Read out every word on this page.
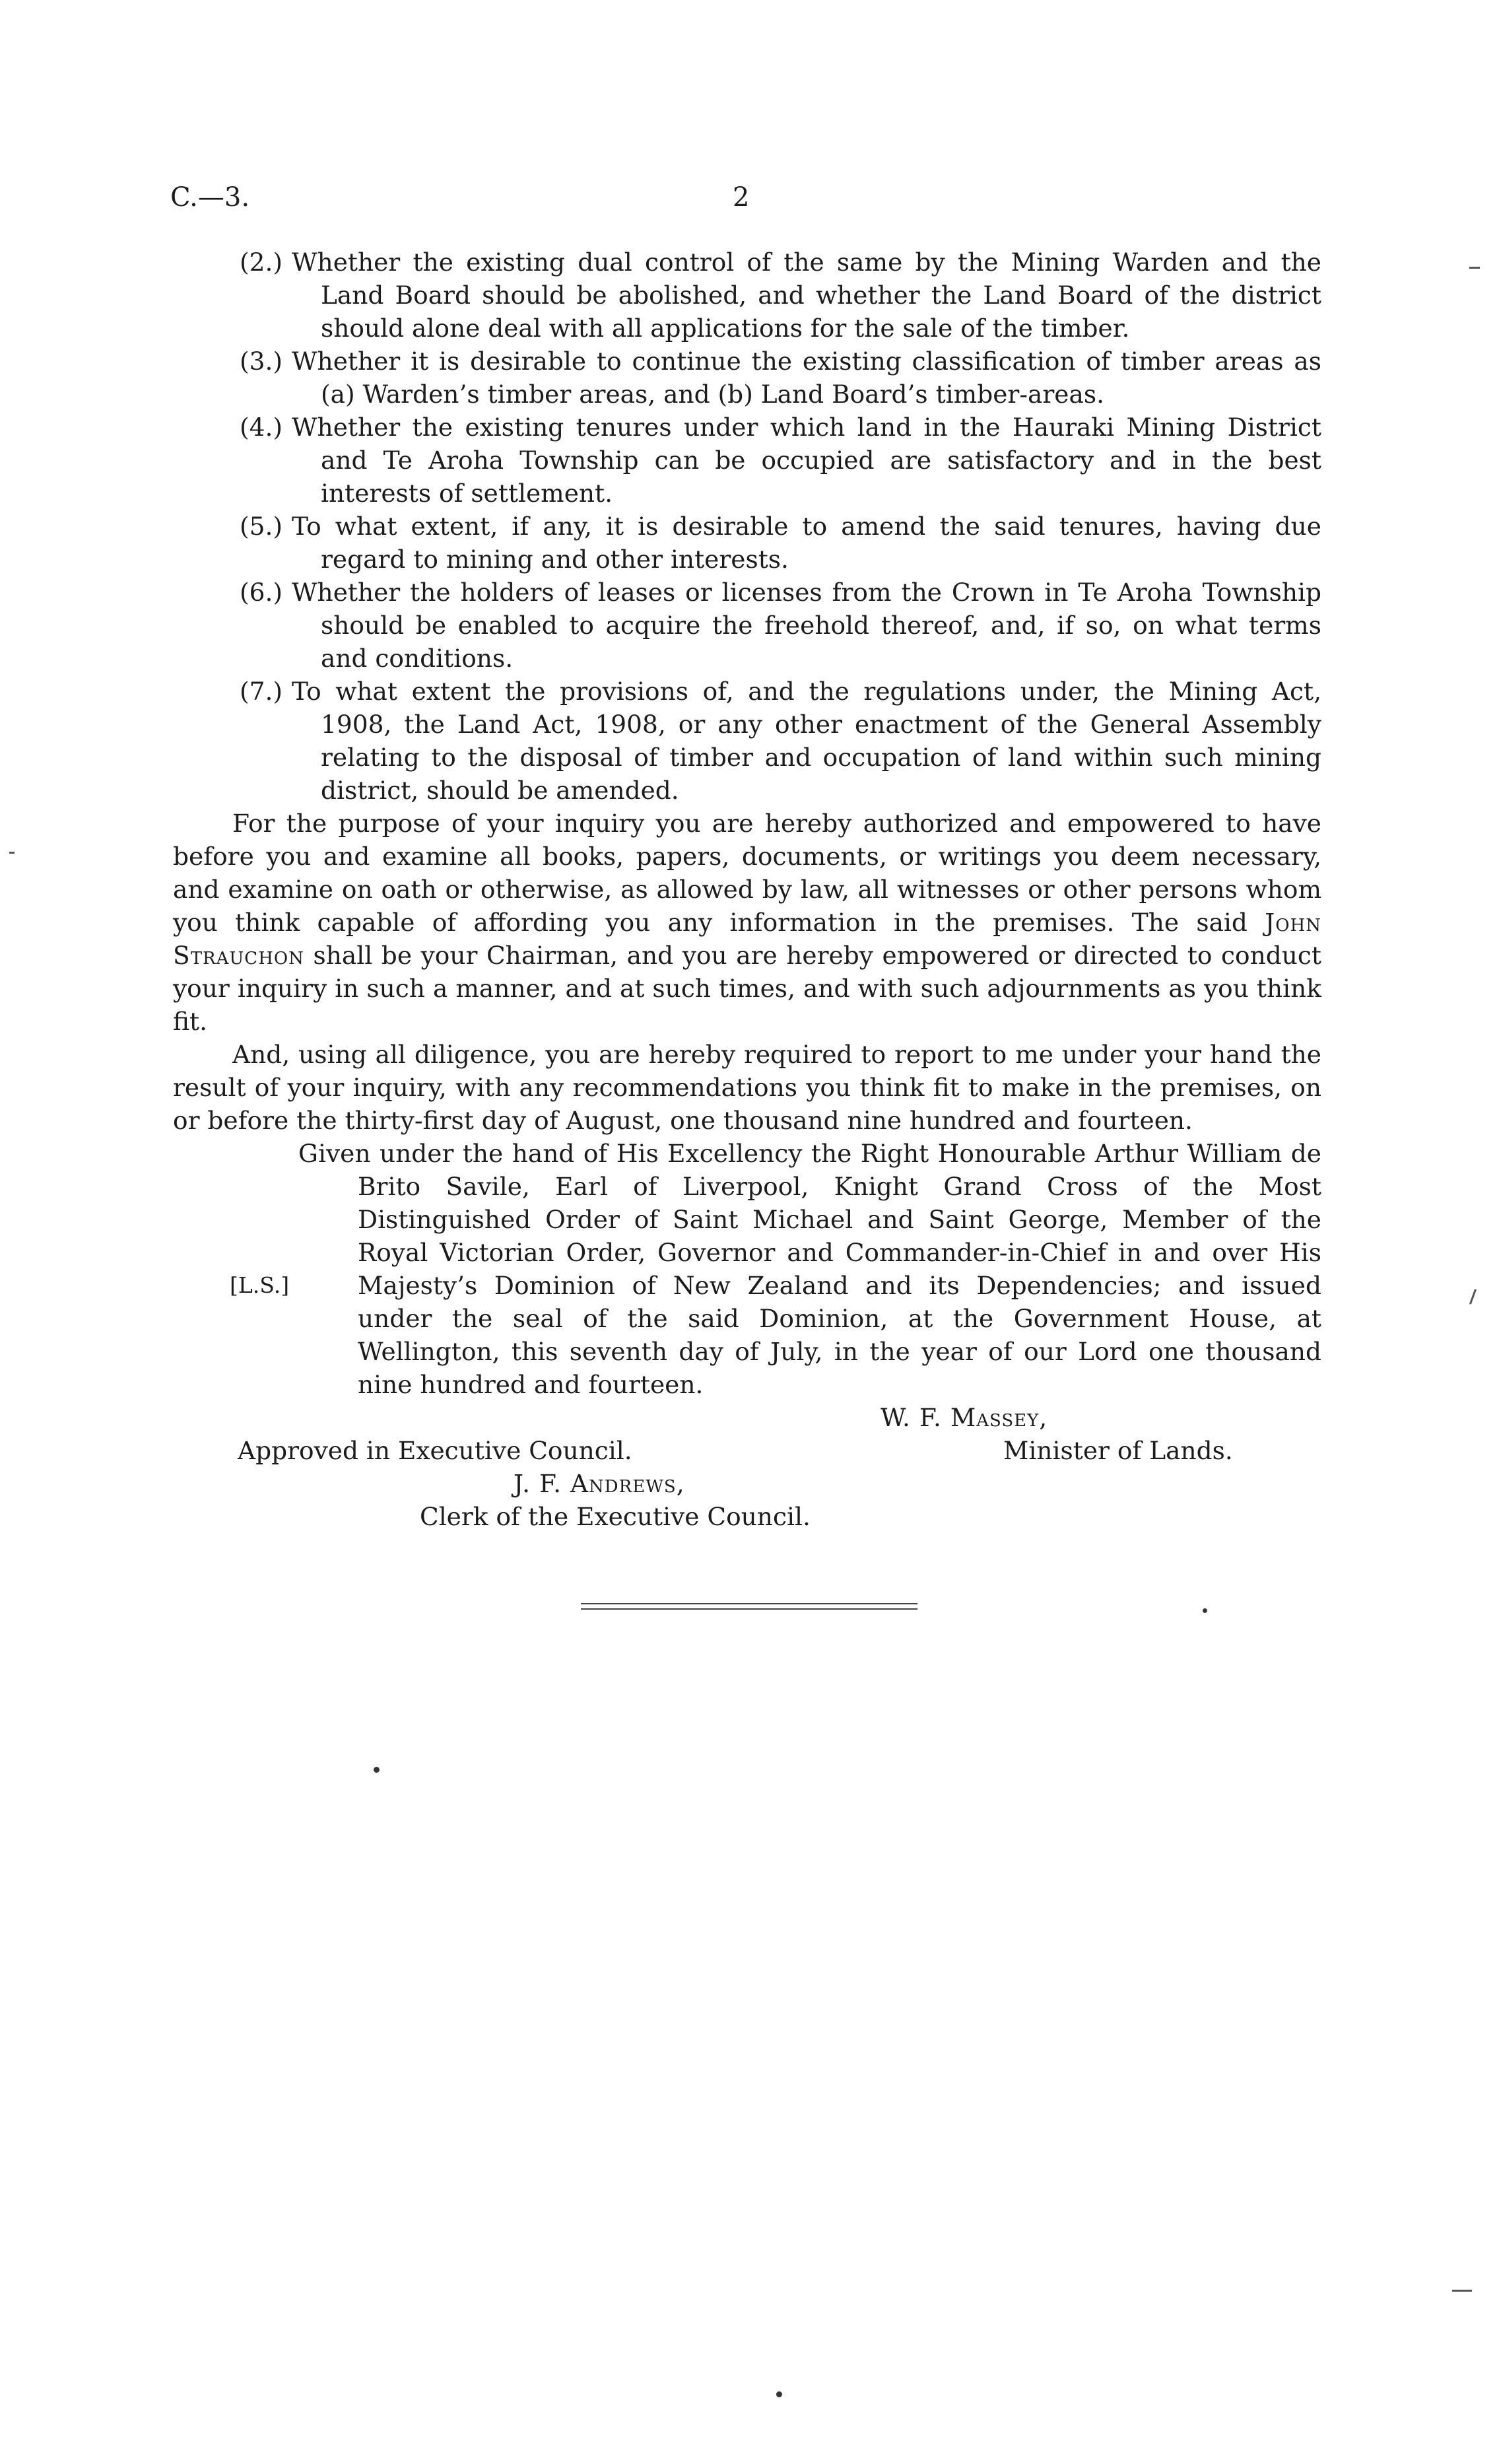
C.—3.	2
(2.) Whether the existing dual control of the same by the Mining Warden and the Land Board should be abolished, and whether the Land Board of the district should alone deal with all applications for the sale of the timber.
(3.) Whether it is desirable to continue the existing classification of timber areas as (a) Warden’s timber areas, and (b) Land Board’s timber-areas.
(4.) Whether the existing tenures under which land in the Hauraki Mining District and Te Aroha Township can be occupied are satisfactory and in the best interests of settlement.
(5.) To what extent, if any, it is desirable to amend the said tenures, having due regard to mining and other interests.
(6.) Whether the holders of leases or licenses from the Crown in Te Aroha Township should be enabled to acquire the freehold thereof, and, if so, on what terms and conditions.
(7.) To what extent the provisions of, and the regulations under, the Mining Act, 1908, the Land Act, 1908, or any other enactment of the General Assembly relating to the disposal of timber and occupation of land within such mining district, should be amended.

For the purpose of your inquiry you are hereby authorized and empowered to have before you and examine all books, papers, documents, or writings you deem necessary, and examine on oath or otherwise, as allowed by law, all witnesses or other persons whom you think capable of affording you any information in the premises. The said John Strauchon shall be your Chairman, and you are hereby empowered or directed to conduct your inquiry in such a manner, and at such times, and with such adjournments as you think fit.

And, using all diligence, you are hereby required to report to me under your hand the result of your inquiry, with any recommendations you think fit to make in the premises, on or before the thirty-first day of August, one thousand nine hundred and fourteen.

[L.S.]
Given under the hand of His Excellency the Right Honourable Arthur William de Brito Savile, Earl of Liverpool, Knight Grand Cross of the Most Distinguished Order of Saint Michael and Saint George, Member of the Royal Victorian Order, Governor and Commander-in-Chief in and over His Majesty’s Dominion of New Zealand and its Dependencies; and issued under the seal of the said Dominion, at the Government House, at Wellington, this seventh day of July, in the year of our Lord one thousand nine hundred and fourteen.
W. F. Massey,
Minister of Lands.
Approved in Executive Council.
J. F. Andrews,
Clerk of the Executive Council.
